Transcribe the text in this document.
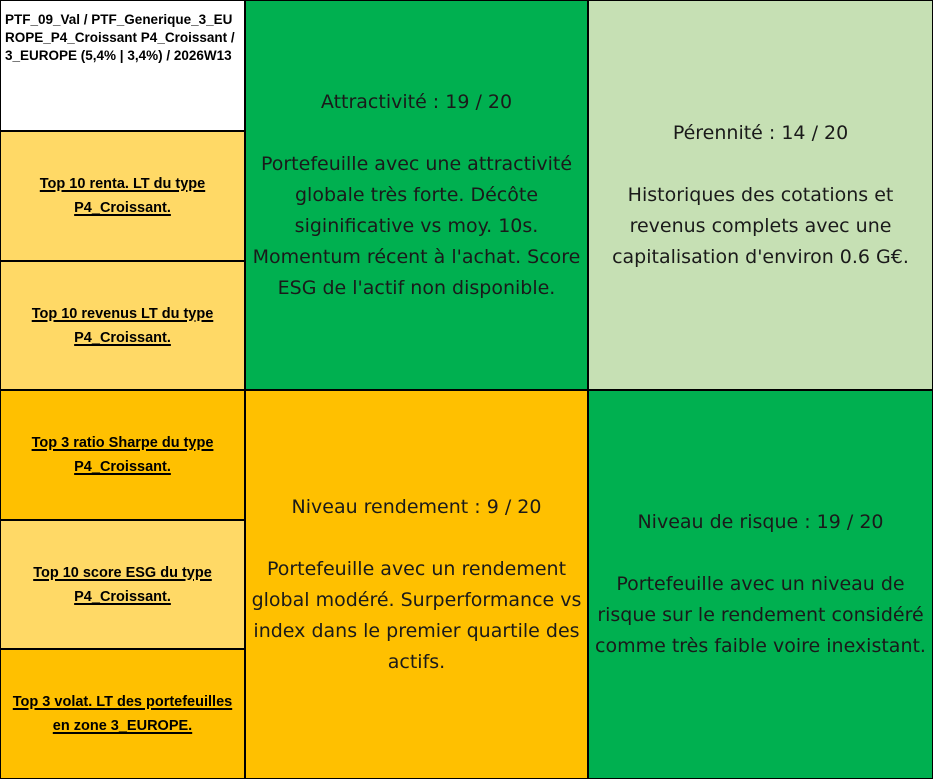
PTF_09_Val / PTF_Generique_3_EUROPE_P4_Croissant P4_Croissant / 3_EUROPE (5,4% | 3,4%) / 2026W13
Top 10 renta. LT du type P4_Croissant.
Top 10 revenus LT du type P4_Croissant.
Top 3 ratio Sharpe du type P4_Croissant.
Top 10 score ESG du type P4_Croissant.
Top 3 volat. LT des portefeuilles en zone 3_EUROPE.
Attractivité : 19 / 20
Portefeuille avec une attractivité globale très forte. Décôte siginificative vs moy. 10s. Momentum récent à l'achat. Score ESG de l'actif non disponible.
Pérennité : 14 / 20
Historiques des cotations et revenus complets avec une capitalisation d'environ 0.6 G€.
Niveau rendement : 9 / 20
Portefeuille avec un rendement global modéré. Surperformance vs index dans le premier quartile des actifs.
Niveau de risque : 19 / 20
Portefeuille avec un niveau de risque sur le rendement considéré comme très faible voire inexistant.
